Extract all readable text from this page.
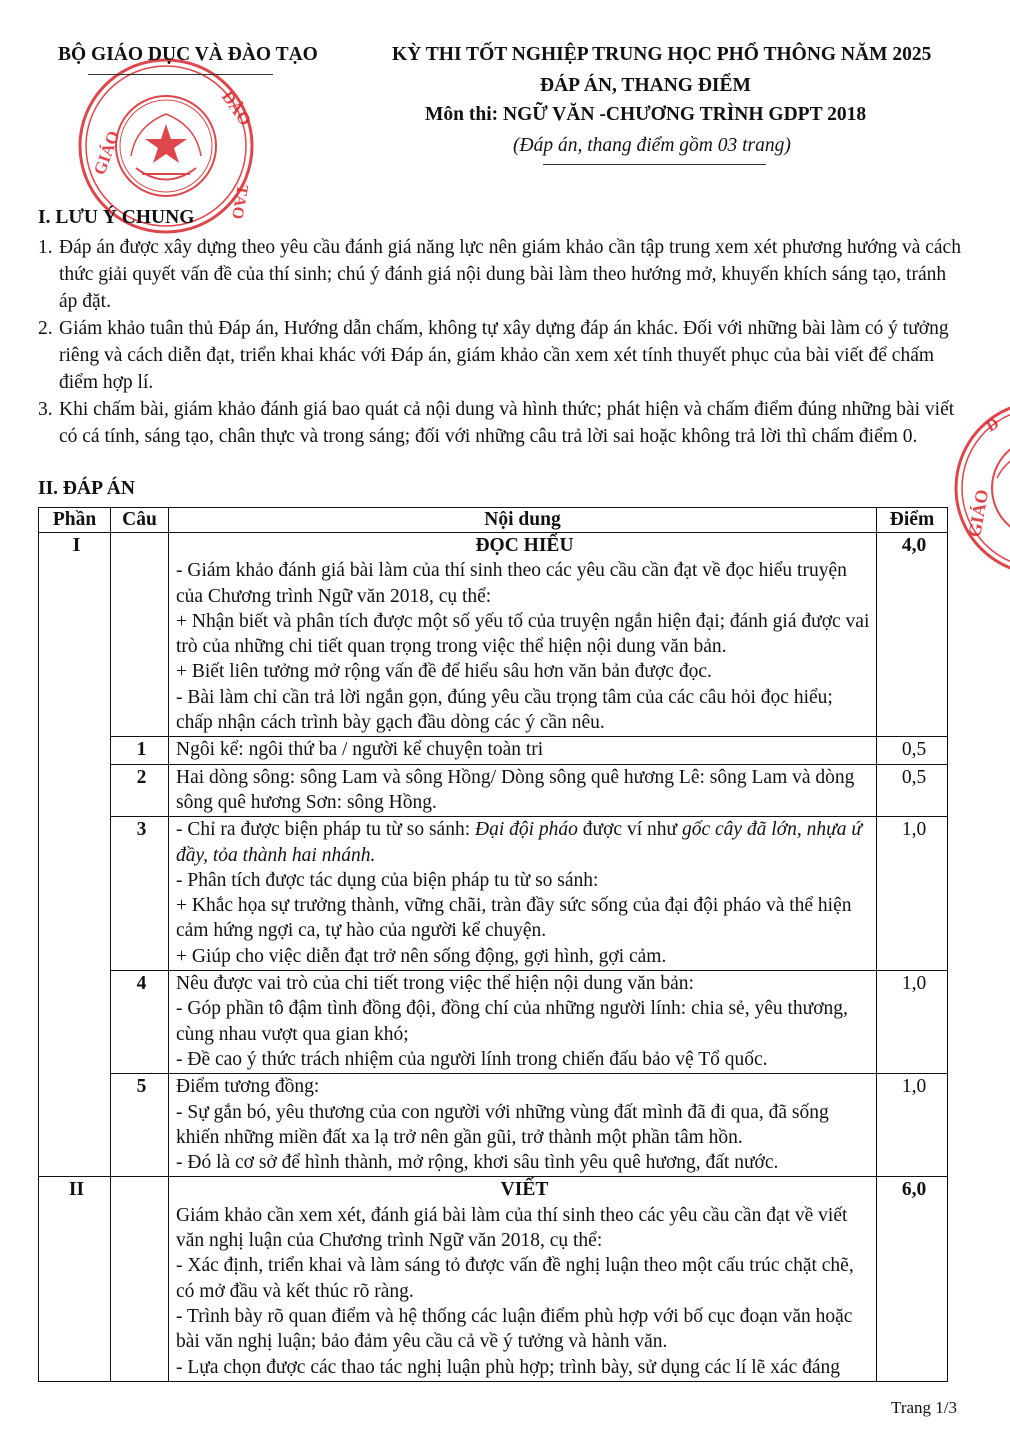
GIÁO
ĐÀO
TẠO
GIÁO
D
BỘ GIÁO DỤC VÀ ĐÀO TẠO	KỲ THI TỐT NGHIỆP TRUNG HỌC PHỔ THÔNG NĂM 2025
ĐÁP ÁN, THANG ĐIỂM
Môn thi: NGỮ VĂN -CHƯƠNG TRÌNH GDPT 2018
(Đáp án, thang điểm gồm 03 trang)
I. LƯU Ý CHUNG

1. Đáp án được xây dựng theo yêu cầu đánh giá năng lực nên giám khảo cần tập trung xem xét phương hướng và cách thức giải quyết vấn đề của thí sinh; chú ý đánh giá nội dung bài làm theo hướng mở, khuyến khích sáng tạo, tránh áp đặt.

2. Giám khảo tuân thủ Đáp án, Hướng dẫn chấm, không tự xây dựng đáp án khác. Đối với những bài làm có ý tưởng riêng và cách diễn đạt, triển khai khác với Đáp án, giám khảo cần xem xét tính thuyết phục của bài viết để chấm điểm hợp lí.

3. Khi chấm bài, giám khảo đánh giá bao quát cả nội dung và hình thức; phát hiện và chấm điểm đúng những bài viết có cá tính, sáng tạo, chân thực và trong sáng; đối với những câu trả lời sai hoặc không trả lời thì chấm điểm 0.

II. ĐÁP ÁN
Phần	Câu	Nội dung	Điểm
I		ĐỌC HIỂU
- Giám khảo đánh giá bài làm của thí sinh theo các yêu cầu cần đạt về đọc hiểu truyện của Chương trình Ngữ văn 2018, cụ thể:
+ Nhận biết và phân tích được một số yếu tố của truyện ngắn hiện đại; đánh giá được vai trò của những chi tiết quan trọng trong việc thể hiện nội dung văn bản.
+ Biết liên tưởng mở rộng vấn đề để hiểu sâu hơn văn bản được đọc.
- Bài làm chỉ cần trả lời ngắn gọn, đúng yêu cầu trọng tâm của các câu hỏi đọc hiểu; chấp nhận cách trình bày gạch đầu dòng các ý cần nêu.	4,0
	1	Ngôi kể: ngôi thứ ba / người kể chuyện toàn tri	0,5
	2	Hai dòng sông: sông Lam và sông Hồng/ Dòng sông quê hương Lê: sông Lam và dòng sông quê hương Sơn: sông Hồng.	0,5
	3	- Chỉ ra được biện pháp tu từ so sánh: Đại đội pháo được ví như gốc cây đã lớn, nhựa ứ đầy, tỏa thành hai nhánh.
- Phân tích được tác dụng của biện pháp tu từ so sánh:
+ Khắc họa sự trưởng thành, vững chãi, tràn đầy sức sống của đại đội pháo và thể hiện cảm hứng ngợi ca, tự hào của người kể chuyện.
+ Giúp cho việc diễn đạt trở nên sống động, gợi hình, gợi cảm.	1,0
	4	Nêu được vai trò của chi tiết trong việc thể hiện nội dung văn bản:
- Góp phần tô đậm tình đồng đội, đồng chí của những người lính: chia sẻ, yêu thương, cùng nhau vượt qua gian khó;
- Đề cao ý thức trách nhiệm của người lính trong chiến đấu bảo vệ Tổ quốc.	1,0
	5	Điểm tương đồng:
- Sự gắn bó, yêu thương của con người với những vùng đất mình đã đi qua, đã sống khiến những miền đất xa lạ trở nên gần gũi, trở thành một phần tâm hồn.
- Đó là cơ sở để hình thành, mở rộng, khơi sâu tình yêu quê hương, đất nước.	1,0
II		VIẾT
Giám khảo cần xem xét, đánh giá bài làm của thí sinh theo các yêu cầu cần đạt về viết văn nghị luận của Chương trình Ngữ văn 2018, cụ thể:
- Xác định, triển khai và làm sáng tỏ được vấn đề nghị luận theo một cấu trúc chặt chẽ, có mở đầu và kết thúc rõ ràng.
- Trình bày rõ quan điểm và hệ thống các luận điểm phù hợp với bố cục đoạn văn hoặc bài văn nghị luận; bảo đảm yêu cầu cả về ý tưởng và hành văn.
- Lựa chọn được các thao tác nghị luận phù hợp; trình bày, sử dụng các lí lẽ xác đáng	6,0
Trang 1/3
